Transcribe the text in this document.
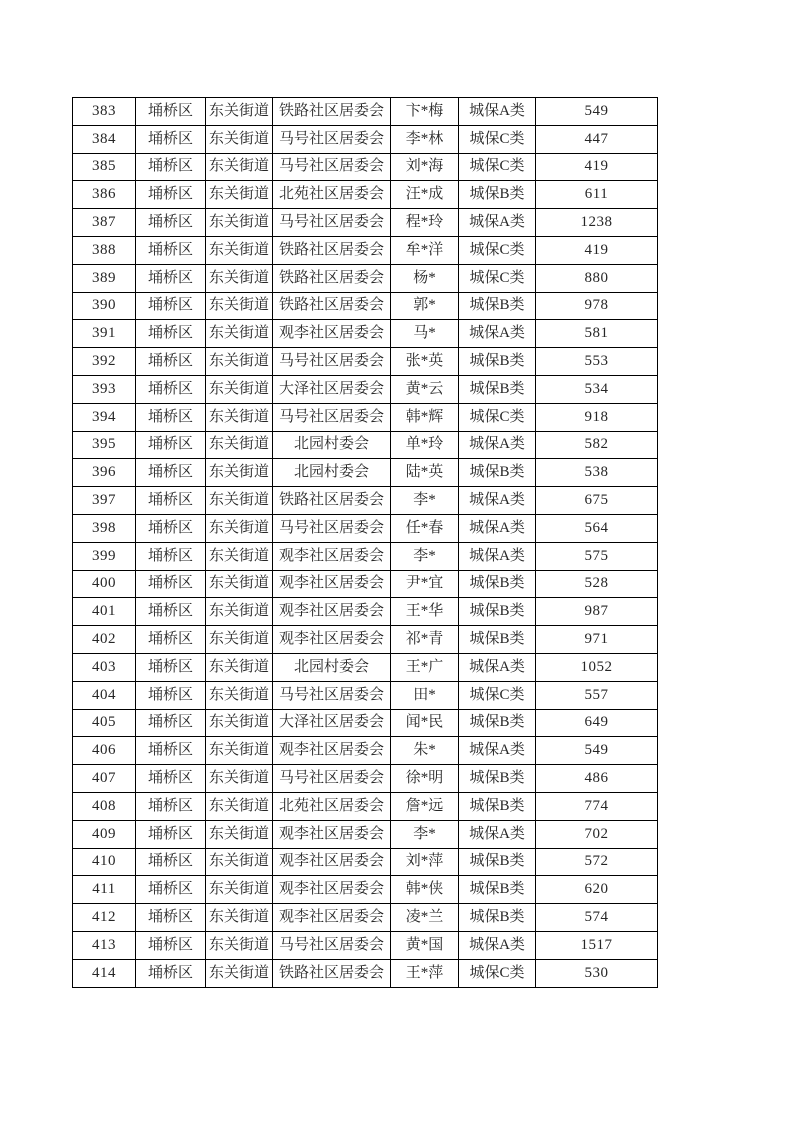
383	埇桥区	东关街道	铁路社区居委会	卞*梅	城保A类	549
384	埇桥区	东关街道	马号社区居委会	李*林	城保C类	447
385	埇桥区	东关街道	马号社区居委会	刘*海	城保C类	419
386	埇桥区	东关街道	北苑社区居委会	汪*成	城保B类	611
387	埇桥区	东关街道	马号社区居委会	程*玲	城保A类	1238
388	埇桥区	东关街道	铁路社区居委会	牟*洋	城保C类	419
389	埇桥区	东关街道	铁路社区居委会	杨*	城保C类	880
390	埇桥区	东关街道	铁路社区居委会	郭*	城保B类	978
391	埇桥区	东关街道	观李社区居委会	马*	城保A类	581
392	埇桥区	东关街道	马号社区居委会	张*英	城保B类	553
393	埇桥区	东关街道	大泽社区居委会	黄*云	城保B类	534
394	埇桥区	东关街道	马号社区居委会	韩*辉	城保C类	918
395	埇桥区	东关街道	北园村委会	单*玲	城保A类	582
396	埇桥区	东关街道	北园村委会	陆*英	城保B类	538
397	埇桥区	东关街道	铁路社区居委会	李*	城保A类	675
398	埇桥区	东关街道	马号社区居委会	任*春	城保A类	564
399	埇桥区	东关街道	观李社区居委会	李*	城保A类	575
400	埇桥区	东关街道	观李社区居委会	尹*宜	城保B类	528
401	埇桥区	东关街道	观李社区居委会	王*华	城保B类	987
402	埇桥区	东关街道	观李社区居委会	祁*青	城保B类	971
403	埇桥区	东关街道	北园村委会	王*广	城保A类	1052
404	埇桥区	东关街道	马号社区居委会	田*	城保C类	557
405	埇桥区	东关街道	大泽社区居委会	闻*民	城保B类	649
406	埇桥区	东关街道	观李社区居委会	朱*	城保A类	549
407	埇桥区	东关街道	马号社区居委会	徐*明	城保B类	486
408	埇桥区	东关街道	北苑社区居委会	詹*远	城保B类	774
409	埇桥区	东关街道	观李社区居委会	李*	城保A类	702
410	埇桥区	东关街道	观李社区居委会	刘*萍	城保B类	572
411	埇桥区	东关街道	观李社区居委会	韩*侠	城保B类	620
412	埇桥区	东关街道	观李社区居委会	凌*兰	城保B类	574
413	埇桥区	东关街道	马号社区居委会	黄*国	城保A类	1517
414	埇桥区	东关街道	铁路社区居委会	王*萍	城保C类	530
